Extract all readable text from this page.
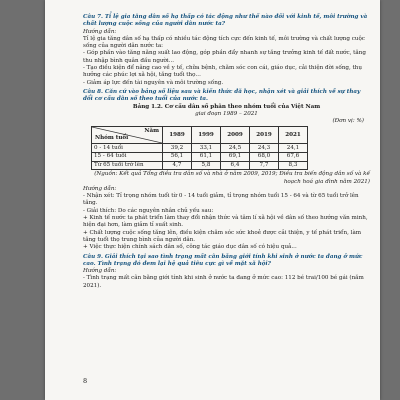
Câu 7. Tỉ lệ gia tăng dân số hạ thấp có tác động như thế nào đối với kinh tế, môi trường và chất lượng cuộc sống của người dân nước ta?

Hướng dẫn:

Tỉ lệ gia tăng dân số hạ thấp có nhiều tác động tích cực đến kinh tế, môi trường và chất lượng cuộc sống của người dân nước ta:

- Góp phần vào tăng năng suất lao động, góp phần đẩy nhanh sự tăng trưởng kinh tế đất nước, tăng thu nhập bình quân đầu người...

- Tạo điều kiện để nâng cao về y tế, chữa bệnh, chăm sóc con cái, giáo dục, cải thiện đời sống, thụ hưởng các phúc lợi xã hội, tăng tuổi thọ...

- Giảm áp lực đến tài nguyên và môi trường sống.

Câu 8. Căn cứ vào bảng số liệu sau và kiến thức đã học, nhận xét và giải thích về sự thay đổi cơ cấu dân số theo tuổi của nước ta.

Bảng 1.2. Cơ cấu dân số phân theo nhóm tuổi của Việt Nam

giai đoạn 1989 – 2021

(Đơn vị: %)

Năm
Nhóm tuổi	1989	1999	2009	2019	2021
0 - 14 tuổi	39,2	33,1	24,5	24,3	24,1
15 - 64 tuổi	56,1	61,1	69,1	68,0	67,6
Từ 65 tuổi trở lên	4,7	5,8	6,4	7,7	8,3

(Nguồn: Kết quả Tổng điều tra dân số và nhà ở năm 2009, 2019; Điều tra biến động dân số và kế hoạch hoá gia đình năm 2021)

Hướng dẫn:

- Nhận xét: Tỉ trọng nhóm tuổi từ 0 - 14 tuổi giảm, tỉ trọng nhóm tuổi 15 - 64 và từ 65 tuổi trở lên tăng.

- Giải thích: Do các nguyên nhân chủ yếu sau:

+ Kinh tế nước ta phát triển làm thay đổi nhận thức và tâm lí xã hội về dân số theo hướng văn minh, hiện đại hơn, làm giảm tỉ suất sinh.

+ Chất lượng cuộc sống tăng lên, điều kiện chăm sóc sức khoẻ được cải thiện, y tế phát triển, làm tăng tuổi thọ trung bình của người dân.

+ Việc thực hiện chính sách dân số, công tác giáo dục dân số có hiệu quả...

Câu 9. Giải thích tại sao tình trạng mất cân bằng giới tính khi sinh ở nước ta đang ở mức cao. Tình trạng đó đem lại hệ quả tiêu cực gì về mặt xã hội?

Hướng dẫn:

- Tình trạng mất cân bằng giới tính khi sinh ở nước ta đang ở mức cao: 112 bé trai/100 bé gái (năm 2021).

8
